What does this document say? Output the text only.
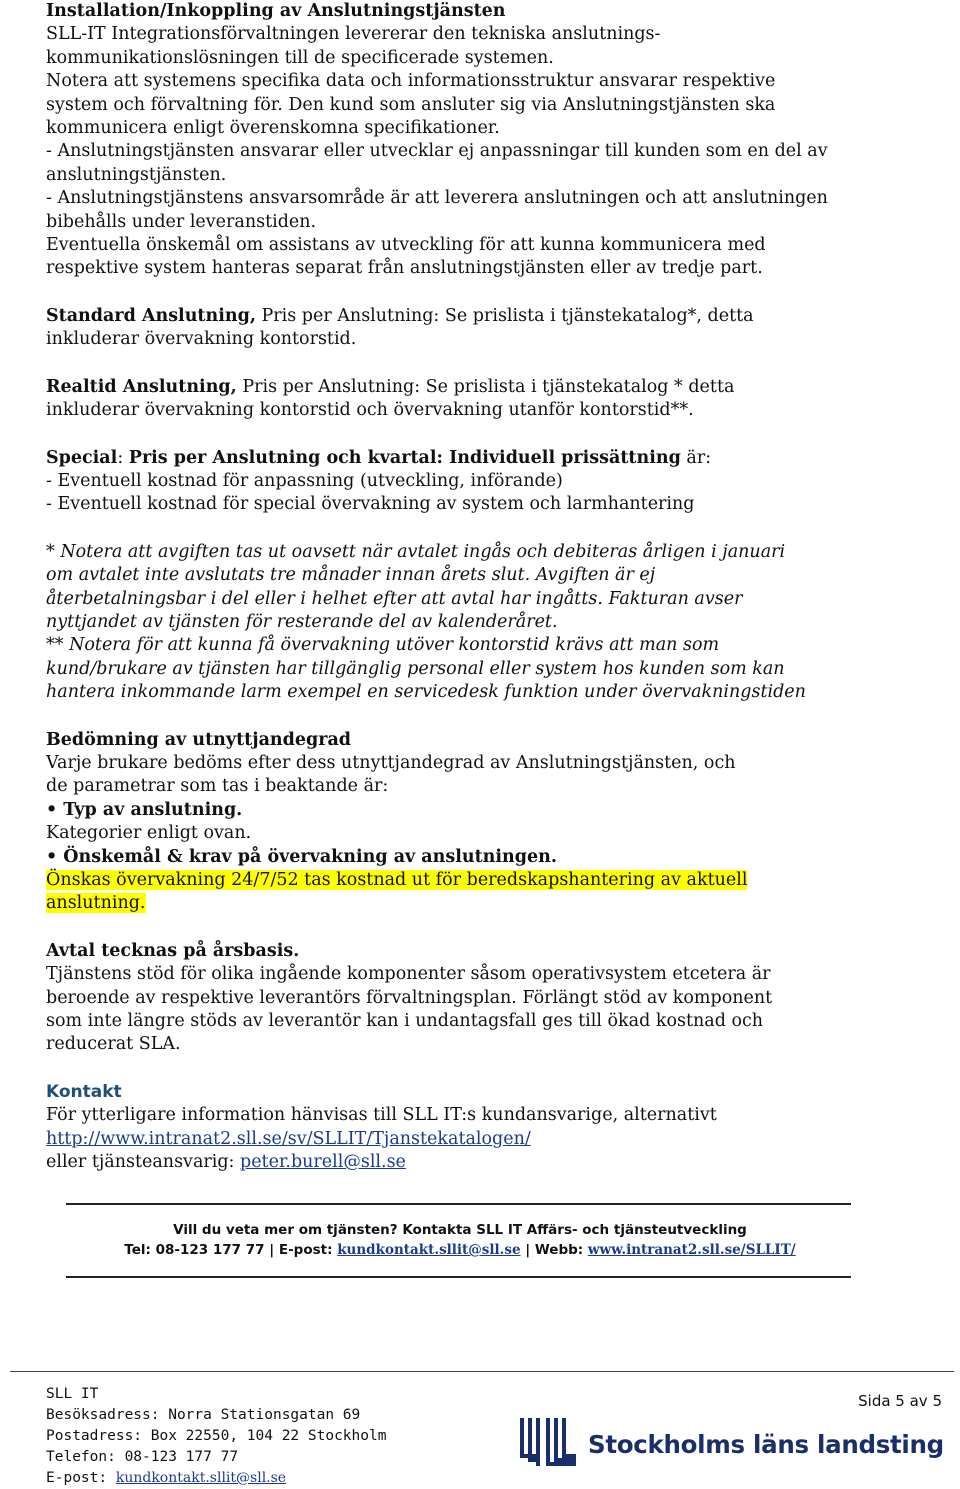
Installation/Inkoppling av Anslutningstjänsten

SLL-IT Integrationsförvaltningen levererar den tekniska anslutnings-

kommunikationslösningen till de specificerade systemen.

Notera att systemens specifika data och informationsstruktur ansvarar respektive

system och förvaltning för. Den kund som ansluter sig via Anslutningstjänsten ska

kommunicera enligt överenskomna specifikationer.

- Anslutningstjänsten ansvarar eller utvecklar ej anpassningar till kunden som en del av

anslutningstjänsten.

- Anslutningstjänstens ansvarsområde är att leverera anslutningen och att anslutningen

bibehålls under leveranstiden.

Eventuella önskemål om assistans av utveckling för att kunna kommunicera med

respektive system hanteras separat från anslutningstjänsten eller av tredje part.

Standard Anslutning, Pris per Anslutning: Se prislista i tjänstekatalog*, detta

inkluderar övervakning kontorstid.

Realtid Anslutning, Pris per Anslutning: Se prislista i tjänstekatalog * detta

inkluderar övervakning kontorstid och övervakning utanför kontorstid**.

Special: Pris per Anslutning och kvartal: Individuell prissättning är:

- Eventuell kostnad för anpassning (utveckling, införande)

- Eventuell kostnad för special övervakning av system och larmhantering

* Notera att avgiften tas ut oavsett när avtalet ingås och debiteras årligen i januari

om avtalet inte avslutats tre månader innan årets slut. Avgiften är ej

återbetalningsbar i del eller i helhet efter att avtal har ingåtts. Fakturan avser

nyttjandet av tjänsten för resterande del av kalenderåret.

** Notera för att kunna få övervakning utöver kontorstid krävs att man som

kund/brukare av tjänsten har tillgänglig personal eller system hos kunden som kan

hantera inkommande larm exempel en servicedesk funktion under övervakningstiden

Bedömning av utnyttjandegrad

Varje brukare bedöms efter dess utnyttjandegrad av Anslutningstjänsten, och

de parametrar som tas i beaktande är:

• Typ av anslutning.

Kategorier enligt ovan.

• Önskemål & krav på övervakning av anslutningen.

Önskas övervakning 24/7/52 tas kostnad ut för beredskapshantering av aktuell

anslutning.

Avtal tecknas på årsbasis.

Tjänstens stöd för olika ingående komponenter såsom operativsystem etcetera är

beroende av respektive leverantörs förvaltningsplan. Förlängt stöd av komponent

som inte längre stöds av leverantör kan i undantagsfall ges till ökad kostnad och

reducerat SLA.

Kontakt

För ytterligare information hänvisas till SLL IT:s kundansvarige, alternativt

http://www.intranat2.sll.se/sv/SLLIT/Tjanstekatalogen/

eller tjänsteansvarig: peter.burell@sll.se

Vill du veta mer om tjänsten? Kontakta SLL IT Affärs- och tjänsteutveckling
Tel: 08-123 177 77 | E-post: kundkontakt.sllit@sll.se | Webb: www.intranat2.sll.se/SLLIT/
SLL IT
Besöksadress: Norra Stationsgatan 69
Postadress: Box 22550, 104 22 Stockholm
Telefon: 08-123 177 77
E-post: kundkontakt.sllit@sll.se
Sida 5 av 5
Stockholms läns landsting
